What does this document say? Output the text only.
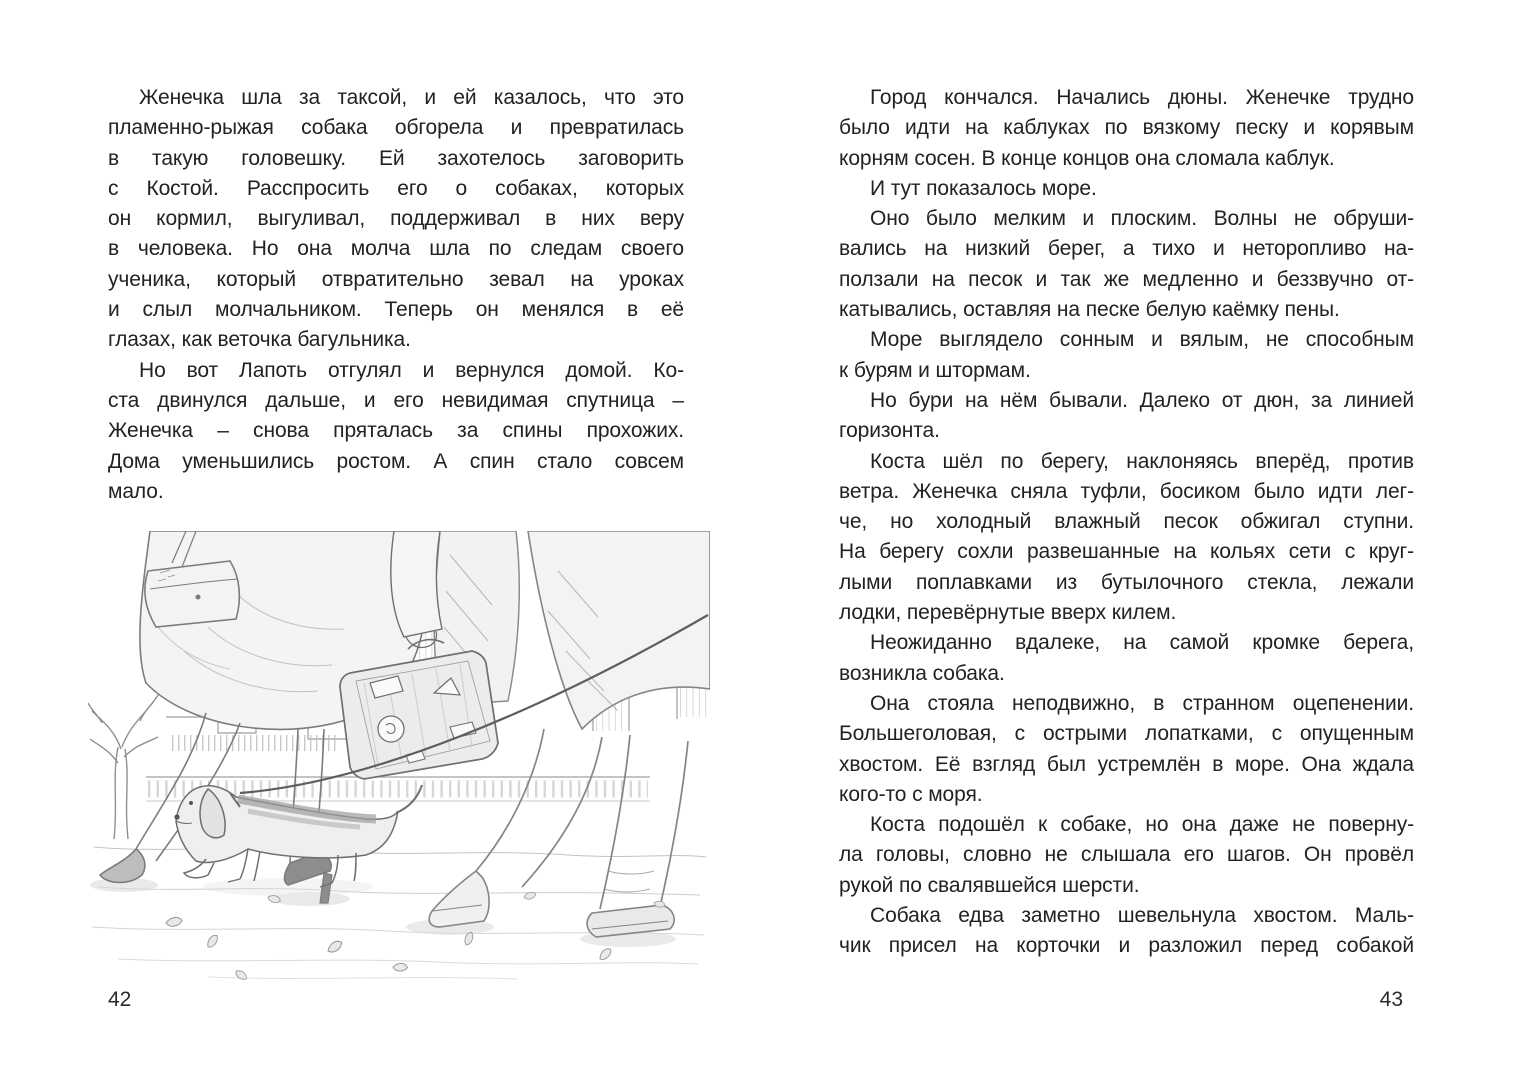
Женечка шла за таксой, и ей казалось, что это
пламенно-рыжая собака обгорела и превратилась
в такую головешку. Ей захотелось заговорить
с Костой. Расспросить его о собаках, которых
он кормил, выгуливал, поддерживал в них веру
в человека. Но она молча шла по следам своего
ученика, который отвратительно зевал на уроках
и слыл молчальником. Теперь он менялся в её
глазах, как веточка багульника.
Но вот Лапоть отгулял и вернулся домой. Ко-
ста двинулся дальше, и его невидимая спутница –
Женечка – снова пряталась за спины прохожих.
Дома уменьшились ростом. А спин стало совсем
мало.
Город кончался. Начались дюны. Женечке трудно
было идти на каблуках по вязкому песку и корявым
корням сосен. В конце концов она сломала каблук.
И тут показалось море.
Оно было мелким и плоским. Волны не обруши-
вались на низкий берег, а тихо и неторопливо на-
ползали на песок и так же медленно и беззвучно от-
катывались, оставляя на песке белую каёмку пены.
Море выглядело сонным и вялым, не способным
к бурям и штормам.
Но бури на нём бывали. Далеко от дюн, за линией
горизонта.
Коста шёл по берегу, наклоняясь вперёд, против
ветра. Женечка сняла туфли, босиком было идти лег-
че, но холодный влажный песок обжигал ступни.
На берегу сохли развешанные на кольях сети с круг-
лыми поплавками из бутылочного стекла, лежали
лодки, перевёрнутые вверх килем.
Неожиданно вдалеке, на самой кромке берега,
возникла собака.
Она стояла неподвижно, в странном оцепенении.
Большеголовая, с острыми лопатками, с опущенным
хвостом. Её взгляд был устремлён в море. Она ждала
кого-то с моря.
Коста подошёл к собаке, но она даже не поверну-
ла головы, словно не слышала его шагов. Он провёл
рукой по свалявшейся шерсти.
Собака едва заметно шевельнула хвостом. Маль-
чик присел на корточки и разложил перед собакой
42	43
